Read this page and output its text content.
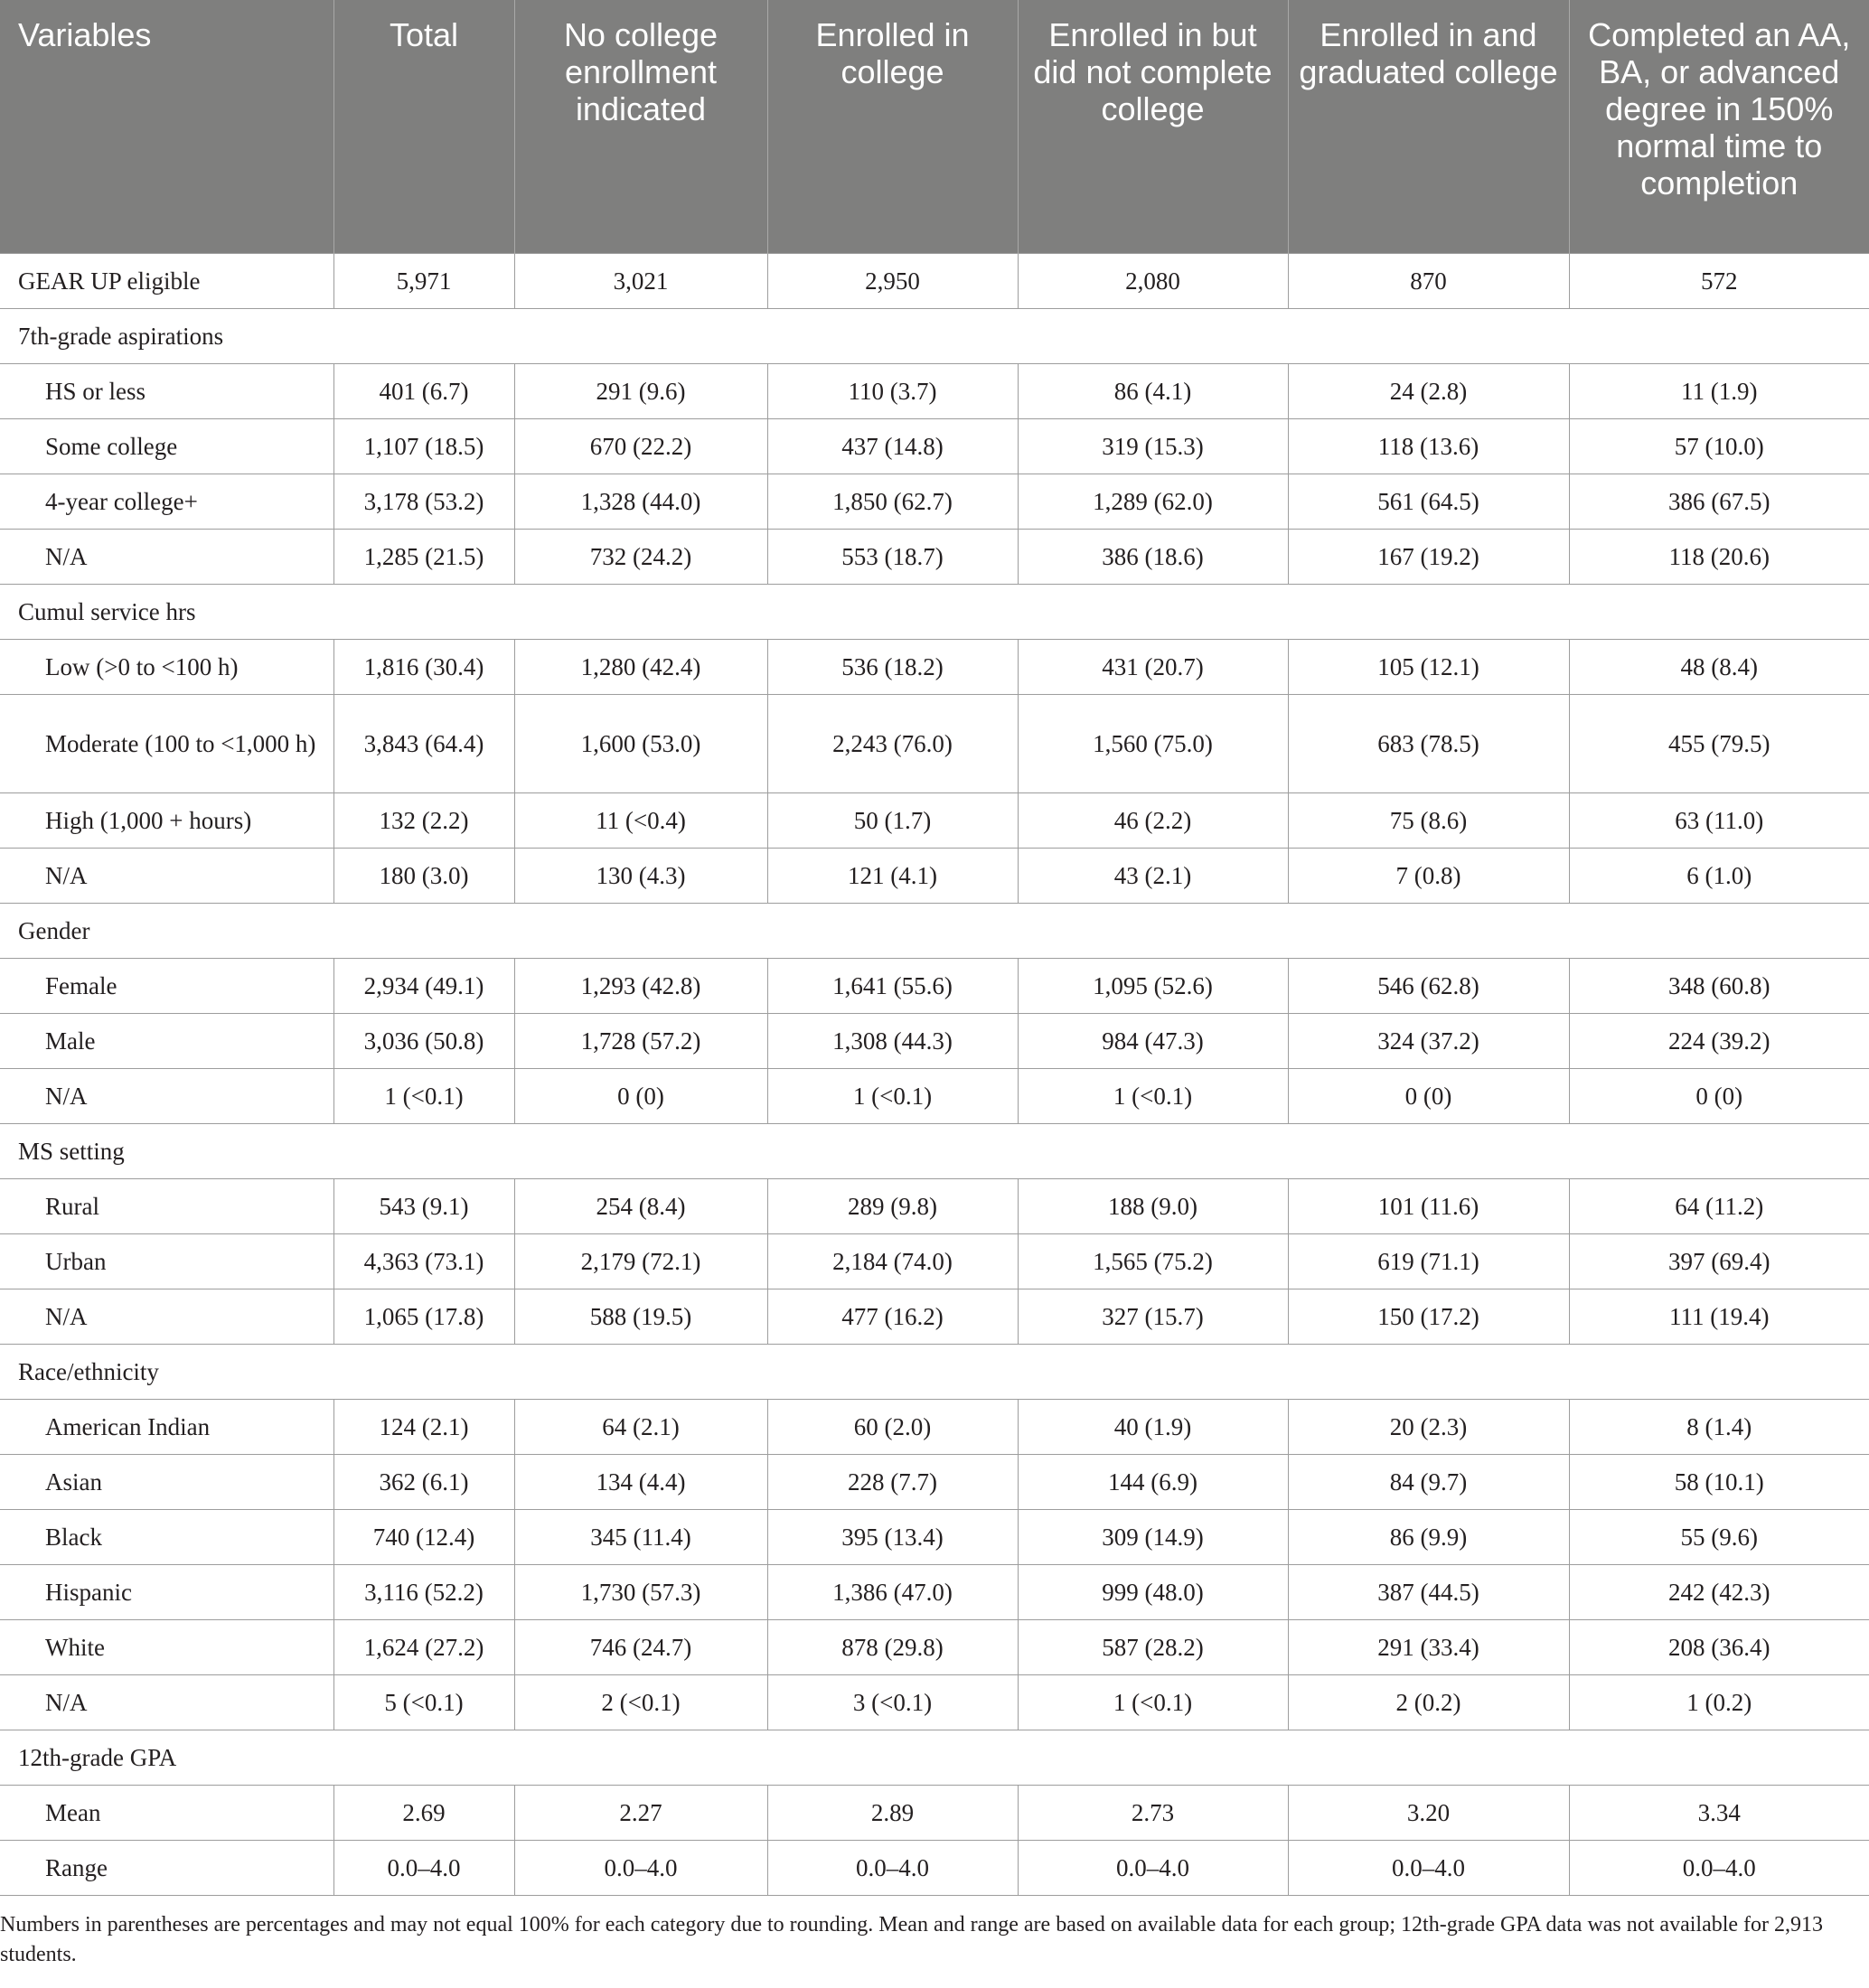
Variables	Total	No college enrollment indicated	Enrolled in college	Enrolled in but did not complete college	Enrolled in and graduated college	Completed an AA, BA, or advanced degree in 150% normal time to completion
GEAR UP eligible	5,971	3,021	2,950	2,080	870	572
7th-grade aspirations						
HS or less	401 (6.7)	291 (9.6)	110 (3.7)	86 (4.1)	24 (2.8)	11 (1.9)
Some college	1,107 (18.5)	670 (22.2)	437 (14.8)	319 (15.3)	118 (13.6)	57 (10.0)
4-year college+	3,178 (53.2)	1,328 (44.0)	1,850 (62.7)	1,289 (62.0)	561 (64.5)	386 (67.5)
N/A	1,285 (21.5)	732 (24.2)	553 (18.7)	386 (18.6)	167 (19.2)	118 (20.6)
Cumul service hrs						
Low (>0 to <100 h)	1,816 (30.4)	1,280 (42.4)	536 (18.2)	431 (20.7)	105 (12.1)	48 (8.4)
Moderate (100 to <1,000 h)	3,843 (64.4)	1,600 (53.0)	2,243 (76.0)	1,560 (75.0)	683 (78.5)	455 (79.5)
High (1,000 + hours)	132 (2.2)	11 (<0.4)	50 (1.7)	46 (2.2)	75 (8.6)	63 (11.0)
N/A	180 (3.0)	130 (4.3)	121 (4.1)	43 (2.1)	7 (0.8)	6 (1.0)
Gender						
Female	2,934 (49.1)	1,293 (42.8)	1,641 (55.6)	1,095 (52.6)	546 (62.8)	348 (60.8)
Male	3,036 (50.8)	1,728 (57.2)	1,308 (44.3)	984 (47.3)	324 (37.2)	224 (39.2)
N/A	1 (<0.1)	0 (0)	1 (<0.1)	1 (<0.1)	0 (0)	0 (0)
MS setting						
Rural	543 (9.1)	254 (8.4)	289 (9.8)	188 (9.0)	101 (11.6)	64 (11.2)
Urban	4,363 (73.1)	2,179 (72.1)	2,184 (74.0)	1,565 (75.2)	619 (71.1)	397 (69.4)
N/A	1,065 (17.8)	588 (19.5)	477 (16.2)	327 (15.7)	150 (17.2)	111 (19.4)
Race/ethnicity						
American Indian	124 (2.1)	64 (2.1)	60 (2.0)	40 (1.9)	20 (2.3)	8 (1.4)
Asian	362 (6.1)	134 (4.4)	228 (7.7)	144 (6.9)	84 (9.7)	58 (10.1)
Black	740 (12.4)	345 (11.4)	395 (13.4)	309 (14.9)	86 (9.9)	55 (9.6)
Hispanic	3,116 (52.2)	1,730 (57.3)	1,386 (47.0)	999 (48.0)	387 (44.5)	242 (42.3)
White	1,624 (27.2)	746 (24.7)	878 (29.8)	587 (28.2)	291 (33.4)	208 (36.4)
N/A	5 (<0.1)	2 (<0.1)	3 (<0.1)	1 (<0.1)	2 (0.2)	1 (0.2)
12th-grade GPA						
Mean	2.69	2.27	2.89	2.73	3.20	3.34
Range	0.0–4.0	0.0–4.0	0.0–4.0	0.0–4.0	0.0–4.0	0.0–4.0
Numbers in parentheses are percentages and may not equal 100% for each category due to rounding. Mean and range are based on available data for each group; 12th-grade GPA data was not available for 2,913 students.
